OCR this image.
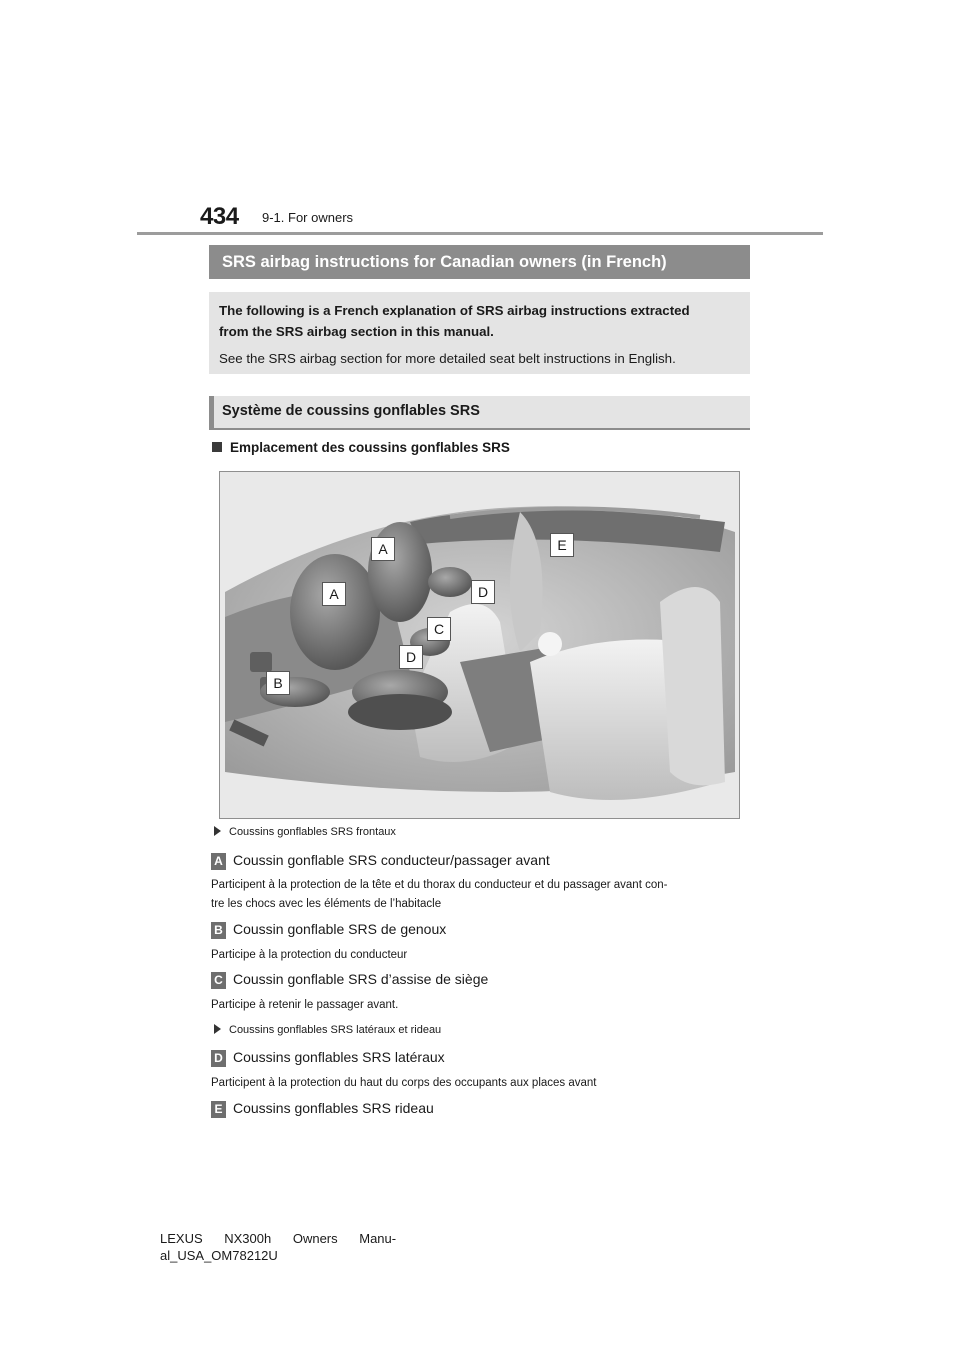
434 9-1. For owners
SRS airbag instructions for Canadian owners (in French)
The following is a French explanation of SRS airbag instructions extracted
from the SRS airbag section in this manual.
See the SRS airbag section for more detailed seat belt instructions in English.
Système de coussins gonflables SRS
Emplacement des coussins gonflables SRS
A
A
B
C
D
D
E
Coussins gonflables SRS frontaux
A Coussin gonflable SRS conducteur/passager avant
Participent à la protection de la tête et du thorax du conducteur et du passager avant con-
tre les chocs avec les éléments de l’habitacle
B Coussin gonflable SRS de genoux
Participe à la protection du conducteur
C Coussin gonflable SRS d’assise de siège
Participe à retenir le passager avant.
Coussins gonflables SRS latéraux et rideau
D Coussins gonflables SRS latéraux
Participent à la protection du haut du corps des occupants aux places avant
E Coussins gonflables SRS rideau
LEXUS NX300h Owners Manu-
al_USA_OM78212U
